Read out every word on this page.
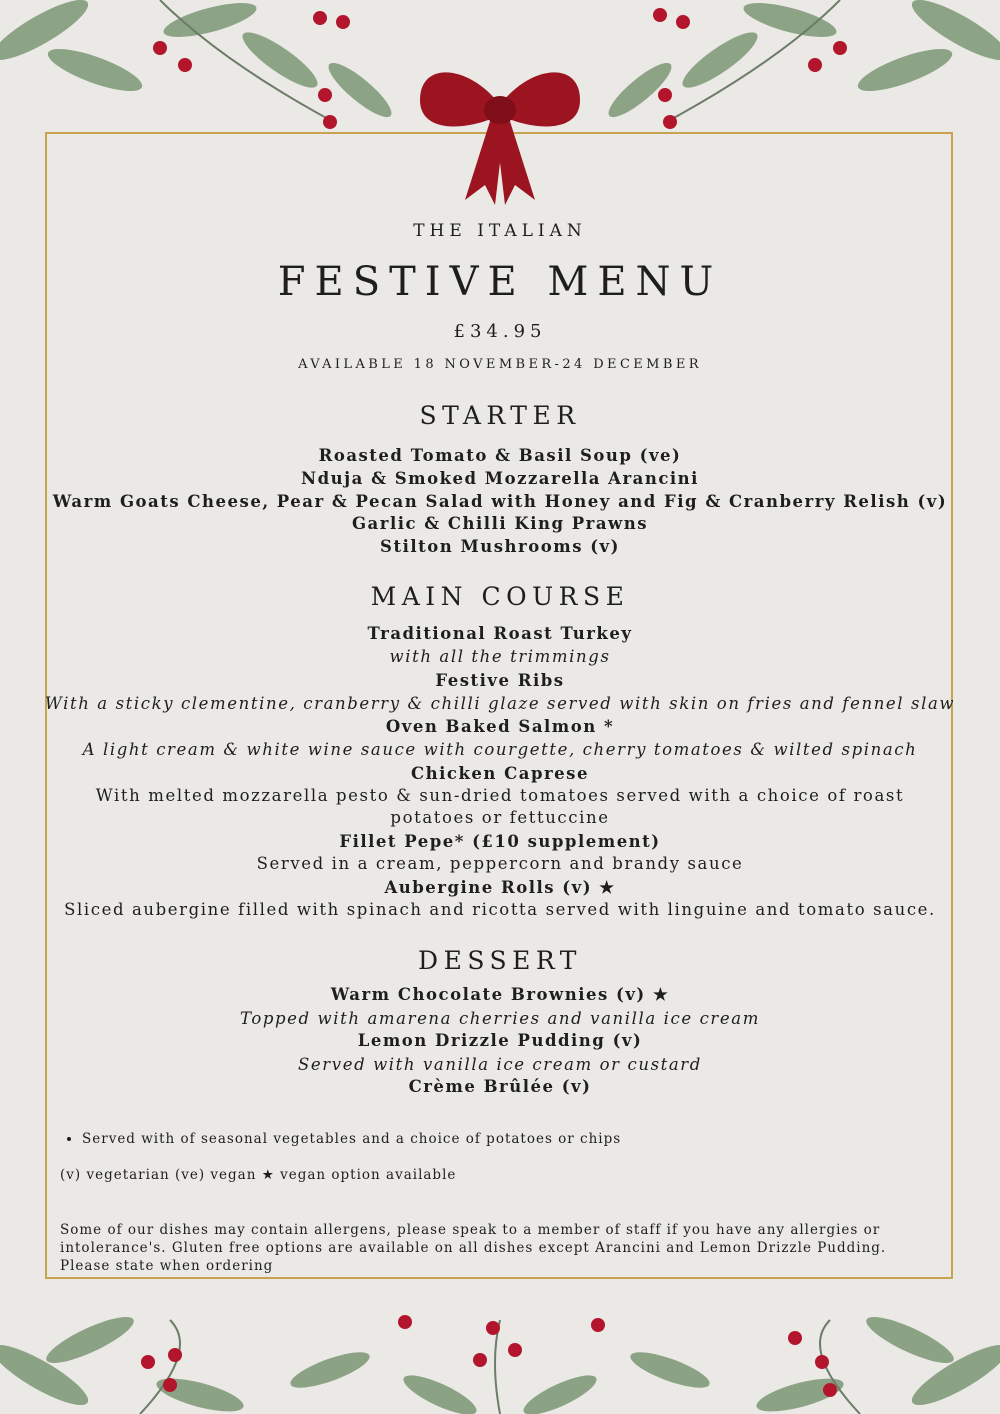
THE ITALIAN
FESTIVE MENU
£34.95
AVAILABLE 18 NOVEMBER-24 DECEMBER
STARTER
Roasted Tomato & Basil Soup (ve)
Nduja & Smoked Mozzarella Arancini
Warm Goats Cheese, Pear & Pecan Salad with Honey and Fig & Cranberry Relish (v)
Garlic & Chilli King Prawns
Stilton Mushrooms (v)
MAIN COURSE
Traditional Roast Turkey
with all the trimmings
Festive Ribs
With a sticky clementine, cranberry & chilli glaze served with skin on fries and fennel slaw
Oven Baked Salmon *
A light cream & white wine sauce with courgette, cherry tomatoes & wilted spinach
Chicken Caprese
With melted mozzarella pesto & sun-dried tomatoes served with a choice of roast potatoes or fettuccine
Fillet Pepe* (£10 supplement)
Served in a cream, peppercorn and brandy sauce
Aubergine Rolls (v) ★
Sliced aubergine filled with spinach and ricotta served with linguine and tomato sauce.
DESSERT
Warm Chocolate Brownies (v) ★
Topped with amarena cherries and vanilla ice cream
Lemon Drizzle Pudding (v)
Served with vanilla ice cream or custard
Crème Brûlée (v)
• Served with of seasonal vegetables and a choice of potatoes or chips
(v) vegetarian (ve) vegan ★ vegan option available
Some of our dishes may contain allergens, please speak to a member of staff if you have any allergies or
intolerance's. Gluten free options are available on all dishes except Arancini and Lemon Drizzle Pudding.
Please state when ordering
